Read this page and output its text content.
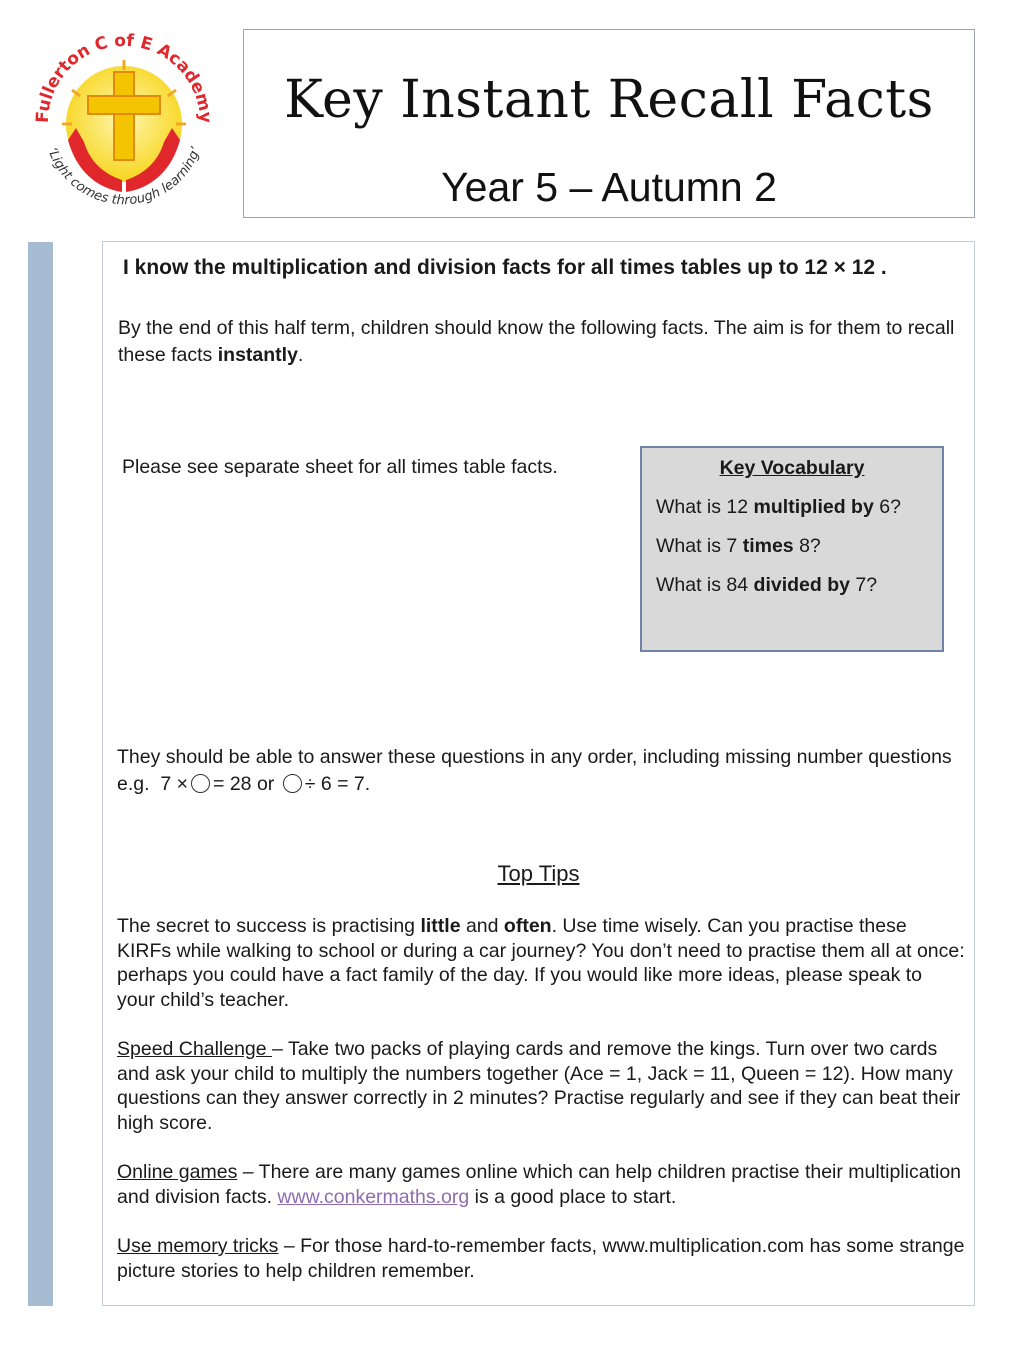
Fullerton C of E Academy
‘Light comes through learning’
Key Instant Recall Facts
Year 5 – Autumn 2
I know the multiplication and division facts for all times tables up to 12 × 12 .
By the end of this half term, children should know the following facts. The aim is for them to recall these facts instantly.
Please see separate sheet for all times table facts.	Key Vocabulary
What is 12 multiplied by 6?
What is 7 times 8?
What is 84 divided by 7?
They should be able to answer these questions in any order, including missing number questions e.g. 7 × = 28 or ÷ 6 = 7.
Top Tips
The secret to success is practising little and often. Use time wisely. Can you practise these KIRFs while walking to school or during a car journey? You don’t need to practise them all at once: perhaps you could have a fact family of the day. If you would like more ideas, please speak to your child’s teacher.
Speed Challenge – Take two packs of playing cards and remove the kings. Turn over two cards and ask your child to multiply the numbers together (Ace = 1, Jack = 11, Queen = 12). How many questions can they answer correctly in 2 minutes? Practise regularly and see if they can beat their high score.
Online games – There are many games online which can help children practise their multiplication and division facts. www.conkermaths.org is a good place to start.
Use memory tricks – For those hard-to-remember facts, www.multiplication.com has some strange picture stories to help children remember.
